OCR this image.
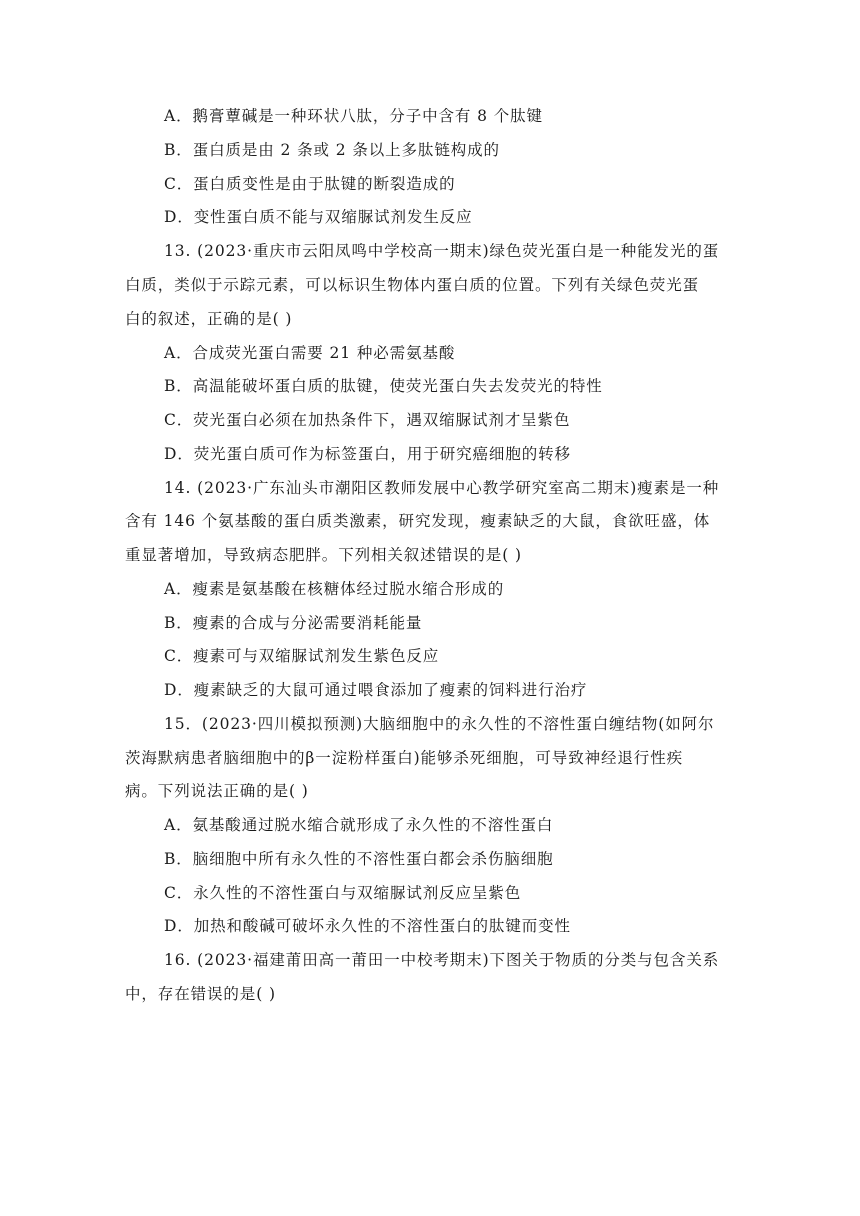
A．鹅膏蕈碱是一种环状八肽，分子中含有 8 个肽键
B．蛋白质是由 2 条或 2 条以上多肽链构成的
C．蛋白质变性是由于肽键的断裂造成的
D．变性蛋白质不能与双缩脲试剂发生反应
13. (2023·重庆市云阳凤鸣中学校高一期末)绿色荧光蛋白是一种能发光的蛋
白质，类似于示踪元素，可以标识生物体内蛋白质的位置。下列有关绿色荧光蛋
白的叙述，正确的是( )
A．合成荧光蛋白需要 21 种必需氨基酸
B．高温能破坏蛋白质的肽键，使荧光蛋白失去发荧光的特性
C．荧光蛋白必须在加热条件下，遇双缩脲试剂才呈紫色
D．荧光蛋白质可作为标签蛋白，用于研究癌细胞的转移
14. (2023·广东汕头市潮阳区教师发展中心教学研究室高二期末)瘦素是一种
含有 146 个氨基酸的蛋白质类激素，研究发现，瘦素缺乏的大鼠，食欲旺盛，体
重显著增加，导致病态肥胖。下列相关叙述错误的是( )
A．瘦素是氨基酸在核糖体经过脱水缩合形成的
B．瘦素的合成与分泌需要消耗能量
C．瘦素可与双缩脲试剂发生紫色反应
D．瘦素缺乏的大鼠可通过喂食添加了瘦素的饲料进行治疗
15．(2023·四川模拟预测)大脑细胞中的永久性的不溶性蛋白缠结物(如阿尔
茨海默病患者脑细胞中的β一淀粉样蛋白)能够杀死细胞，可导致神经退行性疾
病。下列说法正确的是( )
A．氨基酸通过脱水缩合就形成了永久性的不溶性蛋白
B．脑细胞中所有永久性的不溶性蛋白都会杀伤脑细胞
C．永久性的不溶性蛋白与双缩脲试剂反应呈紫色
D．加热和酸碱可破坏永久性的不溶性蛋白的肽键而变性
16. (2023·福建莆田高一莆田一中校考期末)下图关于物质的分类与包含关系
中，存在错误的是( )
